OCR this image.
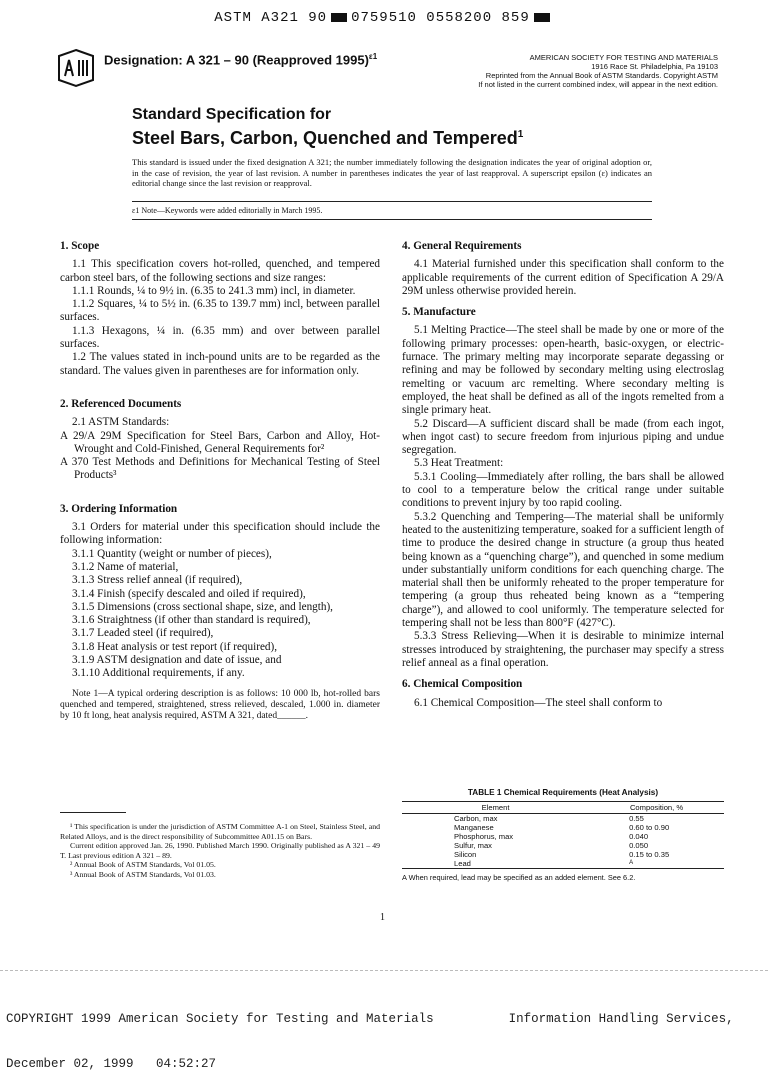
ASTM A321 90 0759510 0558200 859
Designation: A 321 – 90 (Reapproved 1995)$^{\varepsilon 1}$	AMERICAN SOCIETY FOR TESTING AND MATERIALS
1916 Race St. Philadelphia, Pa 19103
Reprinted from the Annual Book of ASTM Standards. Copyright ASTM
If not listed in the current combined index, will appear in the next edition.
Standard Specification for
Steel Bars, Carbon, Quenched and Tempered$^1$
This standard is issued under the fixed designation A 321; the number immediately following the designation indicates the year of original adoption or, in the case of revision, the year of last revision. A number in parentheses indicates the year of last reapproval. A superscript epsilon (ε) indicates an editorial change since the last revision or reapproval.
ε1 Note—Keywords were added editorially in March 1995.

1. Scope

1.1 This specification covers hot-rolled, quenched, and tempered carbon steel bars, of the following sections and size ranges:

1.1.1 Rounds, ¼ to 9½ in. (6.35 to 241.3 mm) incl, in diameter.

1.1.2 Squares, ¼ to 5½ in. (6.35 to 139.7 mm) incl, between parallel surfaces.

1.1.3 Hexagons, ¼ in. (6.35 mm) and over between parallel surfaces.

1.2 The values stated in inch-pound units are to be regarded as the standard. The values given in parentheses are for information only.

2. Referenced Documents

2.1 ASTM Standards:

A 29/A 29M Specification for Steel Bars, Carbon and Alloy, Hot-Wrought and Cold-Finished, General Requirements for²

A 370 Test Methods and Definitions for Mechanical Testing of Steel Products³

3. Ordering Information

3.1 Orders for material under this specification should include the following information:

3.1.1 Quantity (weight or number of pieces),

3.1.2 Name of material,

3.1.3 Stress relief anneal (if required),

3.1.4 Finish (specify descaled and oiled if required),

3.1.5 Dimensions (cross sectional shape, size, and length),

3.1.6 Straightness (if other than standard is required),

3.1.7 Leaded steel (if required),

3.1.8 Heat analysis or test report (if required),

3.1.9 ASTM designation and date of issue, and

3.1.10 Additional requirements, if any.

Note 1—A typical ordering description is as follows: 10 000 lb, hot-rolled bars quenched and tempered, straightened, stress relieved, descaled, 1.000 in. diameter by 10 ft long, heat analysis required, ASTM A 321, dated______.

¹ This specification is under the jurisdiction of ASTM Committee A-1 on Steel, Stainless Steel, and Related Alloys, and is the direct responsibility of Subcommittee A01.15 on Bars.

Current edition approved Jan. 26, 1990. Published March 1990. Originally published as A 321 – 49 T. Last previous edition A 321 – 89.

² Annual Book of ASTM Standards, Vol 01.05.

³ Annual Book of ASTM Standards, Vol 01.03.

4. General Requirements

4.1 Material furnished under this specification shall conform to the applicable requirements of the current edition of Specification A 29/A 29M unless otherwise provided herein.

5. Manufacture

5.1 Melting Practice—The steel shall be made by one or more of the following primary processes: open-hearth, basic-oxygen, or electric-furnace. The primary melting may incorporate separate degassing or refining and may be followed by secondary melting using electroslag remelting or vacuum arc remelting. Where secondary melting is employed, the heat shall be defined as all of the ingots remelted from a single primary heat.

5.2 Discard—A sufficient discard shall be made (from each ingot, when ingot cast) to secure freedom from injurious piping and undue segregation.

5.3 Heat Treatment:

5.3.1 Cooling—Immediately after rolling, the bars shall be allowed to cool to a temperature below the critical range under suitable conditions to prevent injury by too rapid cooling.

5.3.2 Quenching and Tempering—The material shall be uniformly heated to the austenitizing temperature, soaked for a sufficient length of time to produce the desired change in structure (a group thus heated being known as a “quenching charge”), and quenched in some medium under substantially uniform conditions for each quenching charge. The material shall then be uniformly reheated to the proper temperature for tempering (a group thus reheated being known as a “tempering charge”), and allowed to cool uniformly. The temperature selected for tempering shall not be less than 800°F (427°C).

5.3.3 Stress Relieving—When it is desirable to minimize internal stresses introduced by straightening, the purchaser may specify a stress relief anneal as a final operation.

6. Chemical Composition

6.1 Chemical Composition—The steel shall conform to

TABLE 1 Chemical Requirements (Heat Analysis)
Element	Composition, %
Carbon, max	0.55
Manganese	0.60 to 0.90
Phosphorus, max	0.040
Sulfur, max	0.050
Silicon	0.15 to 0.35
Lead	A
A When required, lead may be specified as an added element. See 6.2.
1

COPYRIGHT 1999 American Society for Testing and Materials          Information Handling Services,

December 02, 1999   04:52:27
